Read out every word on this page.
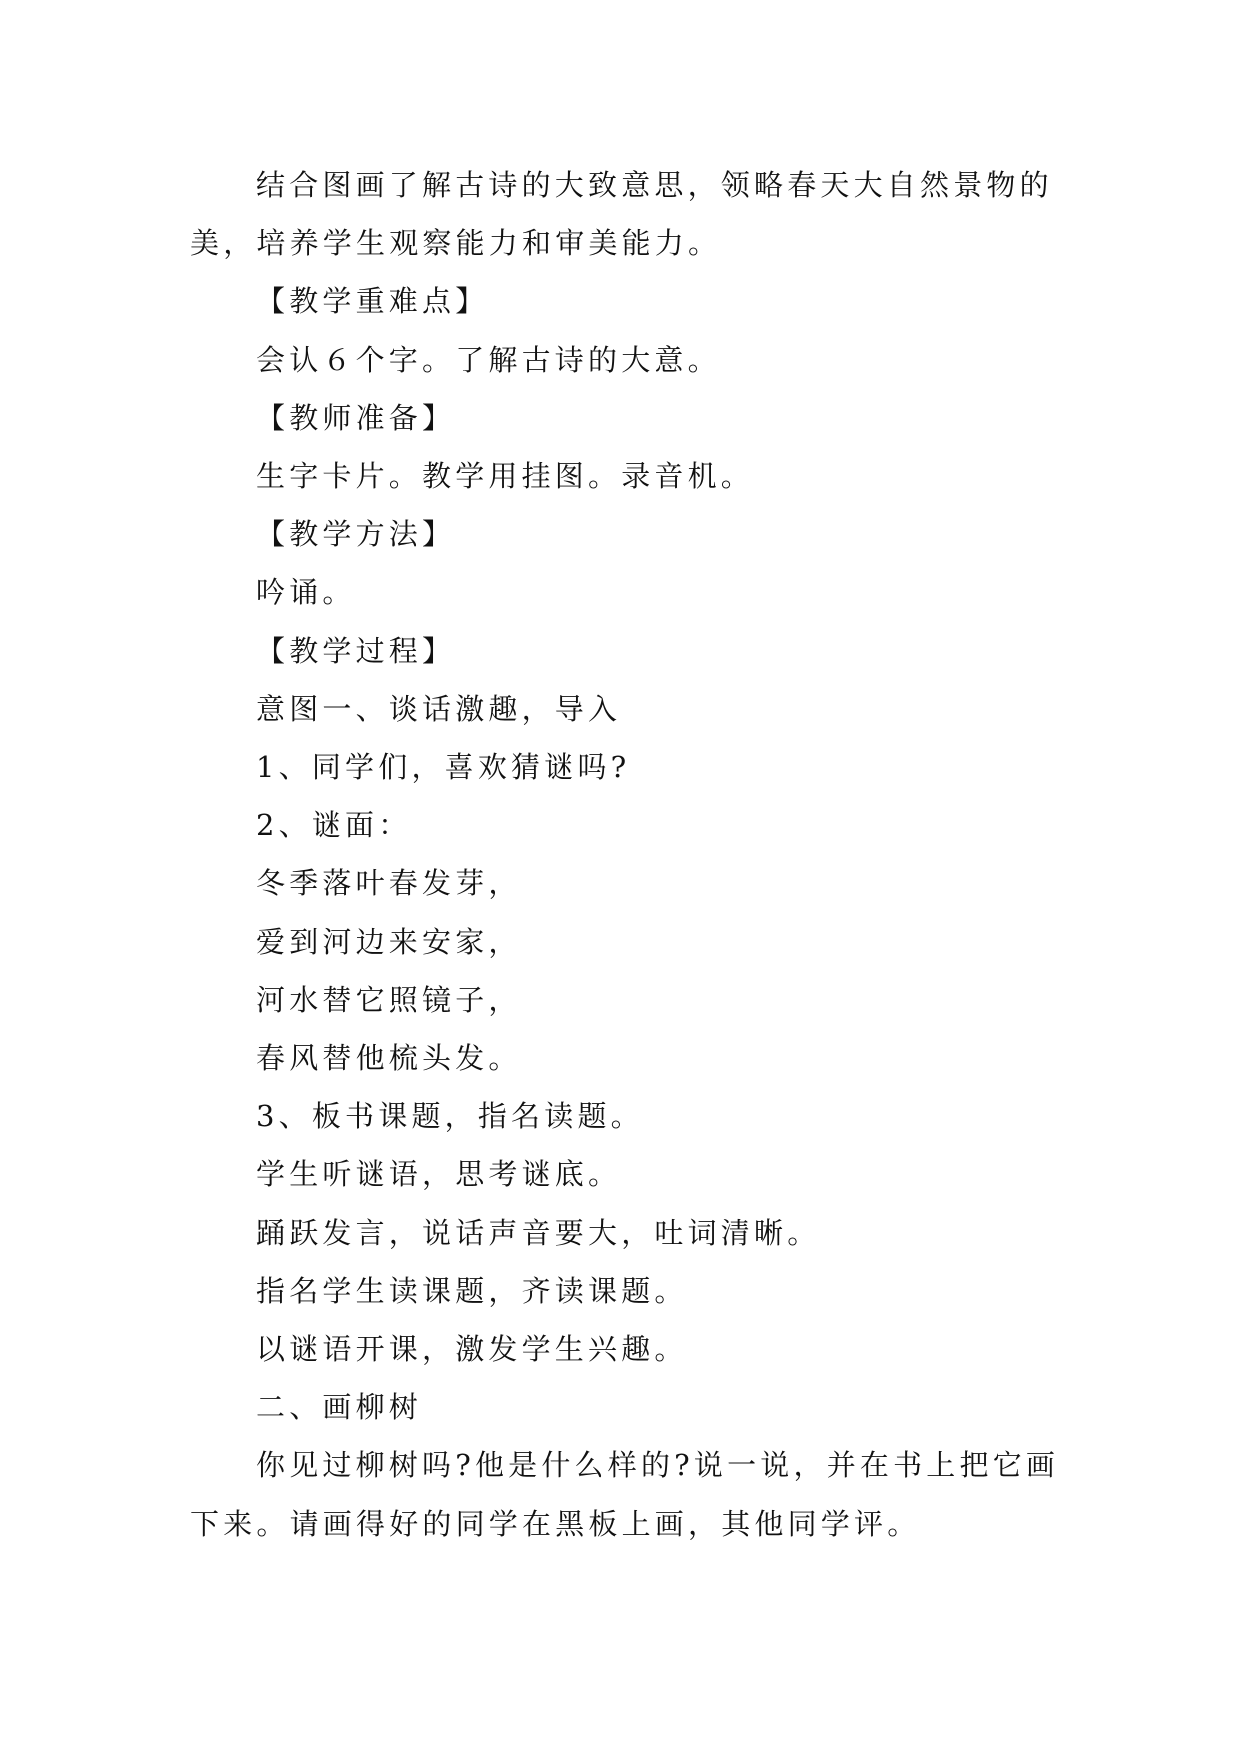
结合图画了解古诗的大致意思，领略春天大自然景物的美，培养学生观察能力和审美能力。

【教学重难点】

会认６个字。了解古诗的大意。

【教师准备】

生字卡片。教学用挂图。录音机。

【教学方法】

吟诵。

【教学过程】

意图一、谈话激趣，导入

1、同学们，喜欢猜谜吗?

2、谜面：

冬季落叶春发芽，

爱到河边来安家，

河水替它照镜子，

春风替他梳头发。

3、板书课题，指名读题。

学生听谜语，思考谜底。

踊跃发言，说话声音要大，吐词清晰。

指名学生读课题，齐读课题。

以谜语开课，激发学生兴趣。

二、画柳树

你见过柳树吗?他是什么样的?说一说，并在书上把它画下来。请画得好的同学在黑板上画，其他同学评。
